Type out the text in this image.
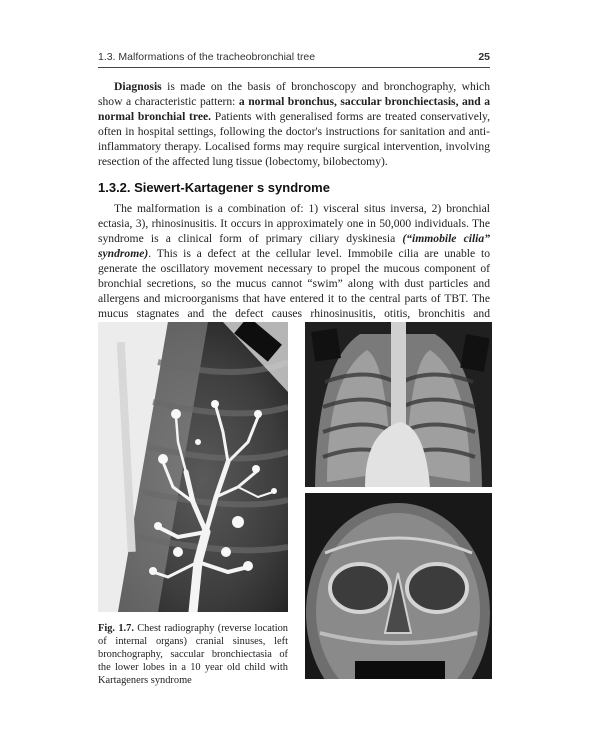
1.3. Malformations of the tracheobronchial tree	25

Diagnosis is made on the basis of bronchoscopy and bronchography, which show a characteristic pattern: a normal bronchus, saccular bronchiectasis, and a normal bronchial tree. Patients with generalised forms are treated conservatively, often in hospital settings, following the doctor's instructions for sanitation and anti-inflammatory therapy. Localised forms may require surgical intervention, involving resection of the affected lung tissue (lobectomy, bilobectomy).

1.3.2. Siewert-Kartagener s syndrome

The malformation is a combination of: 1) visceral situs inversa, 2) bronchial ectasia, 3), rhinosinusitis. It occurs in approximately one in 50,000 individuals. The syndrome is a clinical form of primary ciliary dyskinesia (“immobile cilia” syndrome). This is a defect at the cellular level. Immobile cilia are unable to generate the oscillatory movement necessary to propel the mucous component of bronchial secretions, so the mucus cannot “swim” along with dust particles and allergens and microorganisms that have entered it to the central parts of TBT. The mucus stagnates and the defect causes rhinosinusitis, otitis, bronchitis and

Fig. 1.7. Chest radiography (reverse location of internal organs) cranial sinuses, left bronchography, saccular bronchiectasia of the lower lobes in a 10 year old child with Kartageners syndrome
